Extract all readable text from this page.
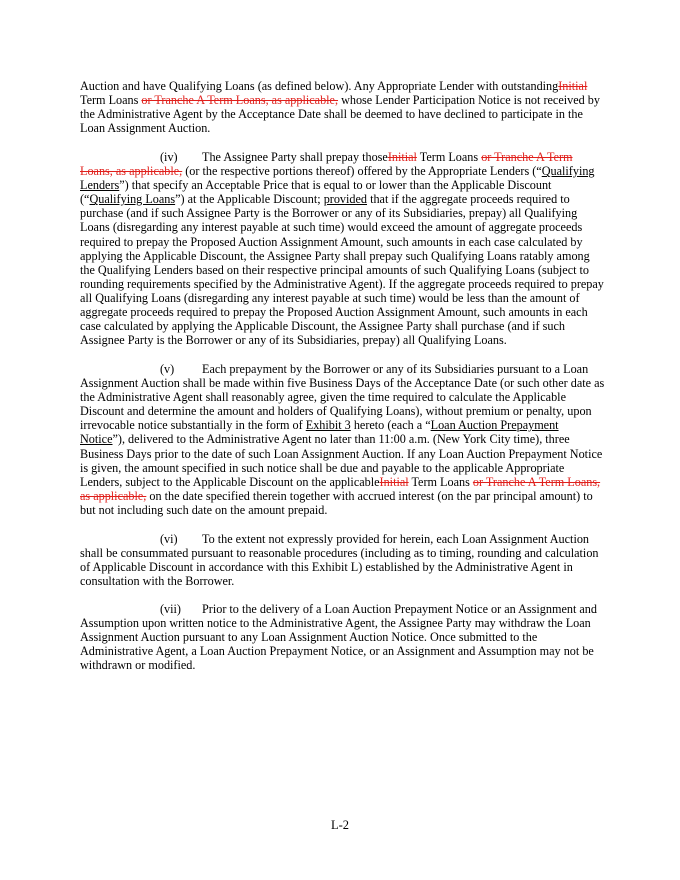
Auction and have Qualifying Loans (as defined below). Any Appropriate Lender with outstandingInitial Term Loans or Tranche A Term Loans, as applicable, whose Lender Participation Notice is not received by the Administrative Agent by the Acceptance Date shall be deemed to have declined to participate in the Loan Assignment Auction.

(iv) The Assignee Party shall prepay thoseInitial Term Loans or Tranche A Term Loans, as applicable, (or the respective portions thereof) offered by the Appropriate Lenders (“Qualifying Lenders”) that specify an Acceptable Price that is equal to or lower than the Applicable Discount (“Qualifying Loans”) at the Applicable Discount; provided that if the aggregate proceeds required to purchase (and if such Assignee Party is the Borrower or any of its Subsidiaries, prepay) all Qualifying Loans (disregarding any interest payable at such time) would exceed the amount of aggregate proceeds required to prepay the Proposed Auction Assignment Amount, such amounts in each case calculated by applying the Applicable Discount, the Assignee Party shall prepay such Qualifying Loans ratably among the Qualifying Lenders based on their respective principal amounts of such Qualifying Loans (subject to rounding requirements specified by the Administrative Agent). If the aggregate proceeds required to prepay all Qualifying Loans (disregarding any interest payable at such time) would be less than the amount of aggregate proceeds required to prepay the Proposed Auction Assignment Amount, such amounts in each case calculated by applying the Applicable Discount, the Assignee Party shall purchase (and if such Assignee Party is the Borrower or any of its Subsidiaries, prepay) all Qualifying Loans.

(v) Each prepayment by the Borrower or any of its Subsidiaries pursuant to a Loan Assignment Auction shall be made within five Business Days of the Acceptance Date (or such other date as the Administrative Agent shall reasonably agree, given the time required to calculate the Applicable Discount and determine the amount and holders of Qualifying Loans), without premium or penalty, upon irrevocable notice substantially in the form of Exhibit 3 hereto (each a “Loan Auction Prepayment Notice”), delivered to the Administrative Agent no later than 11:00 a.m. (New York City time), three Business Days prior to the date of such Loan Assignment Auction. If any Loan Auction Prepayment Notice is given, the amount specified in such notice shall be due and payable to the applicable Appropriate Lenders, subject to the Applicable Discount on the applicableInitial Term Loans or Tranche A Term Loans, as applicable, on the date specified therein together with accrued interest (on the par principal amount) to but not including such date on the amount prepaid.

(vi) To the extent not expressly provided for herein, each Loan Assignment Auction shall be consummated pursuant to reasonable procedures (including as to timing, rounding and calculation of Applicable Discount in accordance with this Exhibit L) established by the Administrative Agent in consultation with the Borrower.

(vii) Prior to the delivery of a Loan Auction Prepayment Notice or an Assignment and Assumption upon written notice to the Administrative Agent, the Assignee Party may withdraw the Loan Assignment Auction pursuant to any Loan Assignment Auction Notice. Once submitted to the Administrative Agent, a Loan Auction Prepayment Notice, or an Assignment and Assumption may not be withdrawn or modified.

L-2
